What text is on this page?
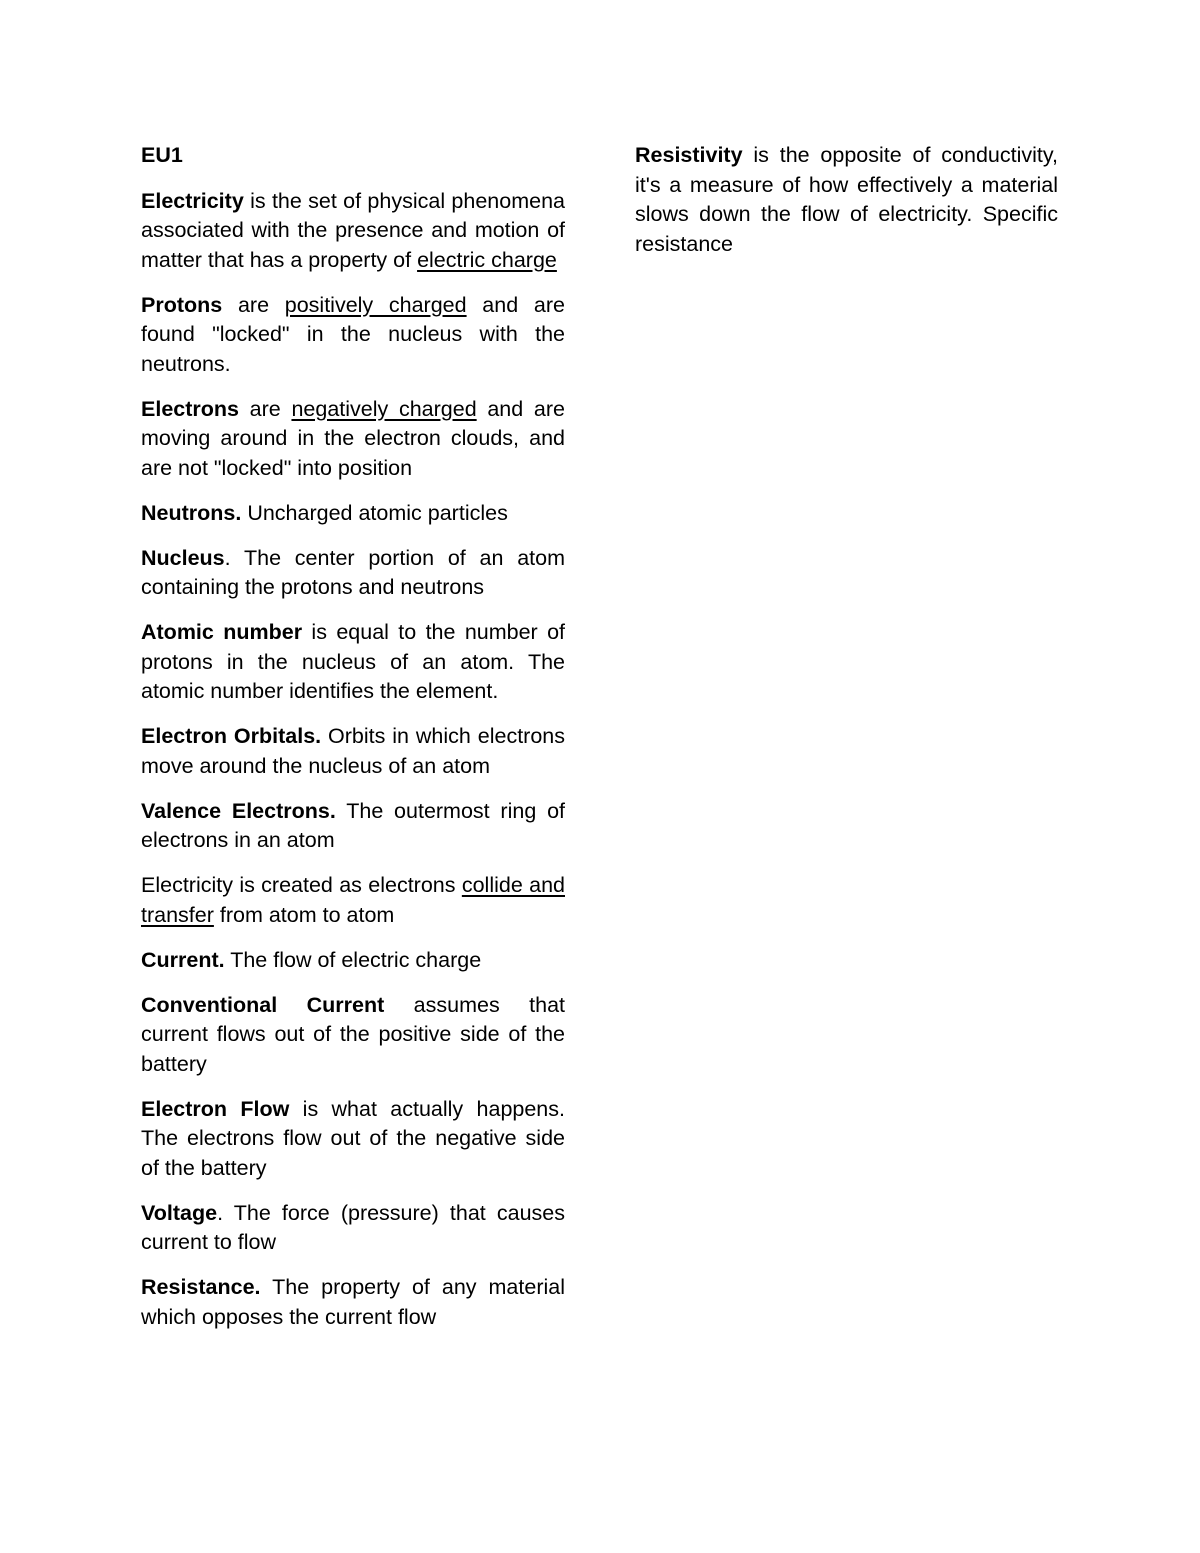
EU1

Electricity is the set of physical phenomena associated with the presence and motion of matter that has a property of electric charge

Protons are positively charged and are found "locked" in the nucleus with the neutrons.

Electrons are negatively charged and are moving around in the electron clouds, and are not "locked" into position

Neutrons. Uncharged atomic particles

Nucleus. The center portion of an atom containing the protons and neutrons

Atomic number is equal to the number of protons in the nucleus of an atom. The atomic number identifies the element.

Electron Orbitals. Orbits in which electrons move around the nucleus of an atom

Valence Electrons. The outermost ring of electrons in an atom

Electricity is created as electrons collide and transfer from atom to atom

Current. The flow of electric charge

Conventional Current assumes that current flows out of the positive side of the battery

Electron Flow is what actually happens. The electrons flow out of the negative side of the battery

Voltage. The force (pressure) that causes current to flow

Resistance. The property of any material which opposes the current flow

Resistivity is the opposite of conductivity, it's a measure of how effectively a material slows down the flow of electricity. Specific resistance
